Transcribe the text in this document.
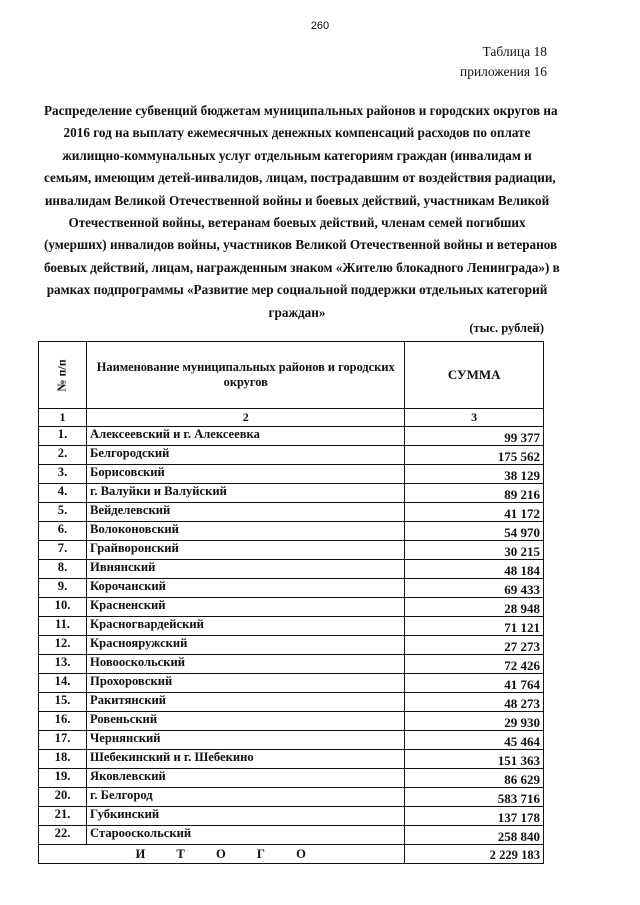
260
Таблица 18
приложения 16
Распределение субвенций бюджетам муниципальных районов и городских округов на
2016 год на выплату ежемесячных денежных компенсаций расходов по оплате
жилищно-коммунальных услуг отдельным категориям граждан (инвалидам и
семьям, имеющим детей-инвалидов, лицам, пострадавшим от воздействия радиации,
инвалидам Великой Отечественной войны и боевых действий, участникам Великой
Отечественной войны, ветеранам боевых действий, членам семей погибших
(умерших) инвалидов войны, участников Великой Отечественной войны и ветеранов
боевых действий, лицам, награжденным знаком «Жителю блокадного Ленинграда») в
рамках подпрограммы «Развитие мер социальной поддержки отдельных категорий
граждан»
(тыс. рублей)
№ п/п	Наименование муниципальных районов и городских округов	СУММА
1	2	3
1.	Алексеевский и г. Алексеевка	99 377
2.	Белгородский	175 562
3.	Борисовский	38 129
4.	г. Валуйки и Валуйский	89 216
5.	Вейделевский	41 172
6.	Волоконовский	54 970
7.	Грайворонский	30 215
8.	Ивнянский	48 184
9.	Корочанский	69 433
10.	Красненский	28 948
11.	Красногвардейский	71 121
12.	Краснояружский	27 273
13.	Новооскольский	72 426
14.	Прохоровский	41 764
15.	Ракитянский	48 273
16.	Ровеньский	29 930
17.	Чернянский	45 464
18.	Шебекинский и г. Шебекино	151 363
19.	Яковлевский	86 629
20.	г. Белгород	583 716
21.	Губкинский	137 178
22.	Старооскольский	258 840
И Т О Г О		2 229 183
